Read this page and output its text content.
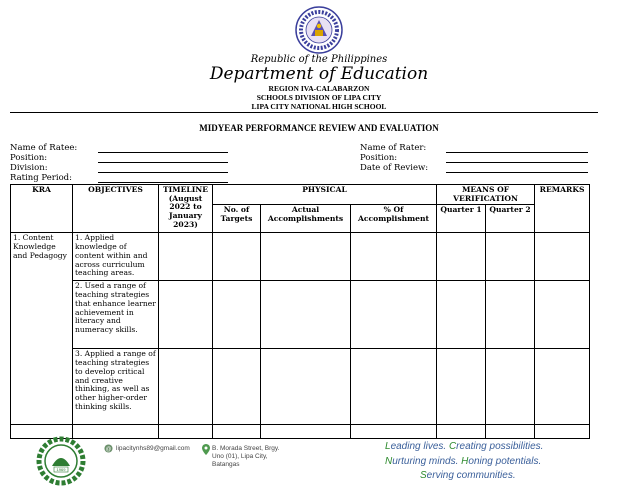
Republic of the Philippines
Department of Education
REGION IVA-CALABARZON
SCHOOLS DIVISION OF LIPA CITY
LIPA CITY NATIONAL HIGH SCHOOL
MIDYEAR PERFORMANCE REVIEW AND EVALUATION
Name of Ratee:
Position:
Division:
Rating Period:
Name of Rater:
Position:
Date of Review:
KRA	OBJECTIVES	TIMELINE (August 2022 to January 2023)	PHYSICAL			MEANS OF VERIFICATION		REMARKS
			No. of Targets	Actual Accomplishments	% Of Accomplishment	Quarter 1	Quarter 2	
1. Content Knowledge and Pedagogy	1. Applied knowledge of content within and across curriculum teaching areas.							
	2. Used a range of teaching strategies that enhance learner achievement in literacy and numeracy skills.							
	3. Applied a range of teaching strategies to develop critical and creative thinking, as well as other higher-order thinking skills.							

1969
@ lipacitynhs89@gmail.com	B. Morada Street, Brgy. Uno (01), Lipa City, Batangas
Leading lives. Creating possibilities.
Nurturing minds. Honing potentials.
Serving communities.
